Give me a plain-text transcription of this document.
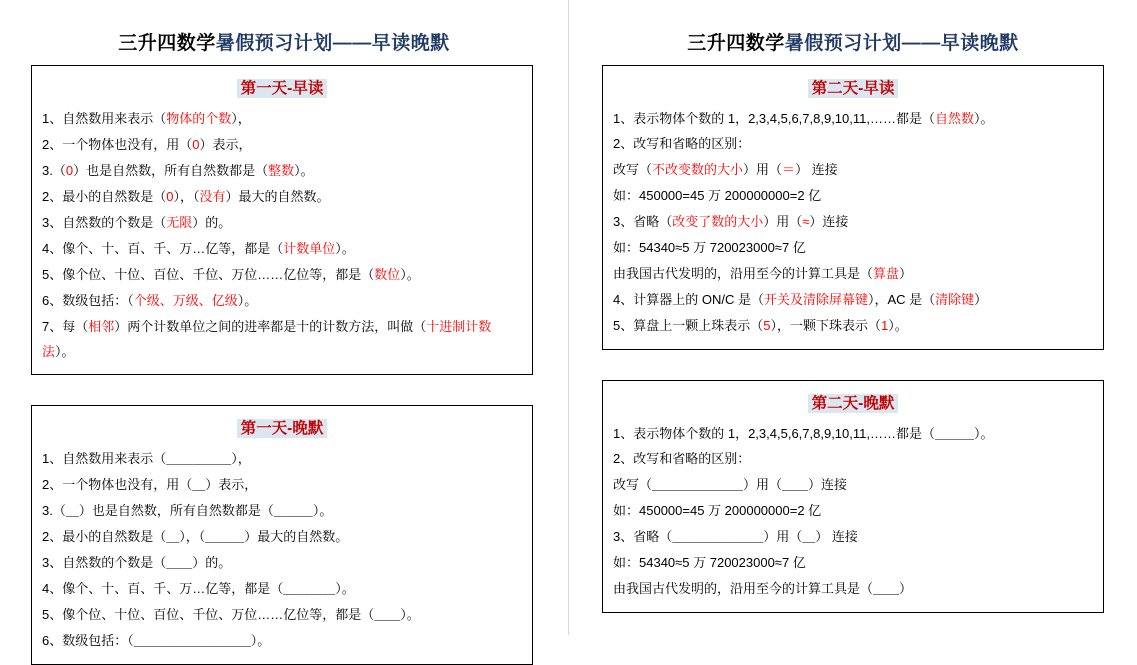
三升四数学暑假预习计划——早读晚默
第一天-早读
1、自然数用来表示（物体的个数），
2、一个物体也没有，用（0）表示，
3.（0）也是自然数，所有自然数都是（整数）。
2、最小的自然数是（0），（没有）最大的自然数。
3、自然数的个数是（无限）的。
4、像个、十、百、千、万…亿等，都是（计数单位）。
5、像个位、十位、百位、千位、万位……亿位等，都是（数位）。
6、数级包括：（个级、万级、亿级）。
7、每（相邻）两个计数单位之间的进率都是十的计数方法，叫做（十进制计数法）。
第一天-晚默
1、自然数用来表示（＿＿＿＿＿），
2、一个物体也没有，用（＿）表示，
3.（＿）也是自然数，所有自然数都是（＿＿＿）。
2、最小的自然数是（＿），（＿＿＿）最大的自然数。
3、自然数的个数是（＿＿）的。
4、像个、十、百、千、万…亿等，都是（＿＿＿＿）。
5、像个位、十位、百位、千位、万位……亿位等，都是（＿＿）。
6、数级包括：（＿＿＿＿＿＿＿＿＿）。
三升四数学暑假预习计划——早读晚默
第二天-早读
1、表示物体个数的 1，2,3,4,5,6,7,8,9,10,11,……都是（自然数）。
2、改写和省略的区别：
改写（不改变数的大小）用（＝） 连接
如：450000=45 万 200000000=2 亿
3、省略（改变了数的大小）用（≈）连接
如：54340≈5 万 720023000≈7 亿
由我国古代发明的，沿用至今的计算工具是（算盘）
4、计算器上的 ON/C 是（开关及清除屏幕键），AC 是（清除键）
5、算盘上一颗上珠表示（5），一颗下珠表示（1）。
第二天-晚默
1、表示物体个数的 1，2,3,4,5,6,7,8,9,10,11,……都是（＿＿＿）。
2、改写和省略的区别：
改写（＿＿＿＿＿＿＿）用（＿＿）连接
如：450000=45 万 200000000=2 亿
3、省略（＿＿＿＿＿＿＿）用（＿） 连接
如：54340≈5 万 720023000≈7 亿
由我国古代发明的，沿用至今的计算工具是（＿＿）
